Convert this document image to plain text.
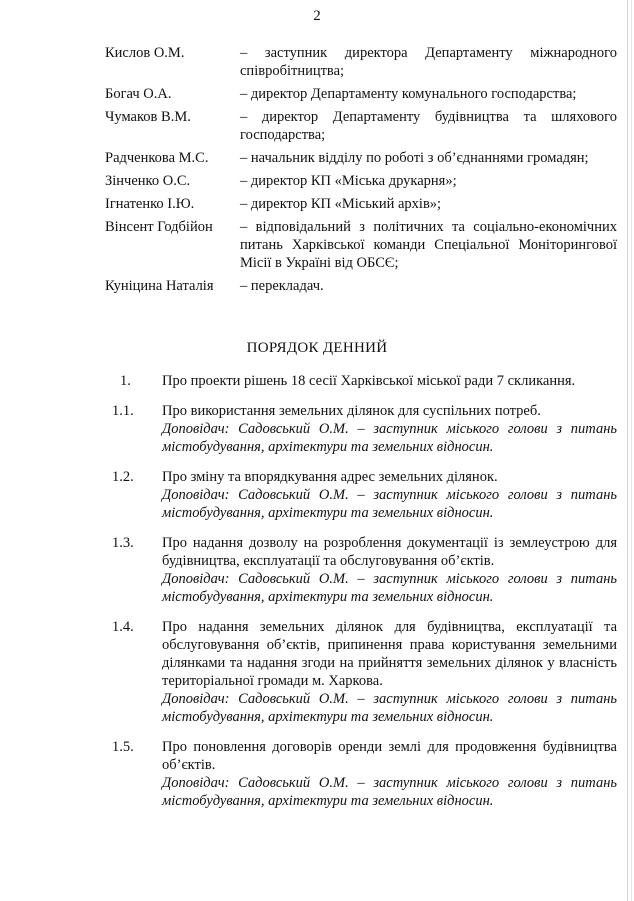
2
Кислов О.М.	– заступник директора Департаменту міжнародного співробітництва;
Богач О.А.	– директор Департаменту комунального господарства;
Чумаков В.М.	– директор Департаменту будівництва та шляхового господарства;
Радченкова М.С.	– начальник відділу по роботі з об’єднаннями громадян;
Зінченко О.С.	– директор КП «Міська друкарня»;
Ігнатенко І.Ю.	– директор КП «Міський архів»;
Вінсент Годбійон	– відповідальний з політичних та соціально-економічних питань Харківської команди Спеціальної Моніторингової Місії в Україні від ОБСЄ;
Куніцина Наталія	– перекладач.
ПОРЯДОК ДЕННИЙ
1.	Про проекти рішень 18 сесії Харківської міської ради 7 скликання.
1.1.	Про використання земельних ділянок для суспільних потреб.
Доповідач: Садовський О.М. – заступник міського голови з питань містобудування, архітектури та земельних відносин.
1.2.	Про зміну та впорядкування адрес земельних ділянок.
Доповідач: Садовський О.М. – заступник міського голови з питань містобудування, архітектури та земельних відносин.
1.3.	Про надання дозволу на розроблення документації із землеустрою для будівництва, експлуатації та обслуговування об’єктів.
Доповідач: Садовський О.М. – заступник міського голови з питань містобудування, архітектури та земельних відносин.
1.4.	Про надання земельних ділянок для будівництва, експлуатації та обслуговування об’єктів, припинення права користування земельними ділянками та надання згоди на прийняття земельних ділянок у власність територіальної громади м. Харкова.
Доповідач: Садовський О.М. – заступник міського голови з питань містобудування, архітектури та земельних відносин.
1.5.	Про поновлення договорів оренди землі для продовження будівництва об’єктів.
Доповідач: Садовський О.М. – заступник міського голови з питань містобудування, архітектури та земельних відносин.
